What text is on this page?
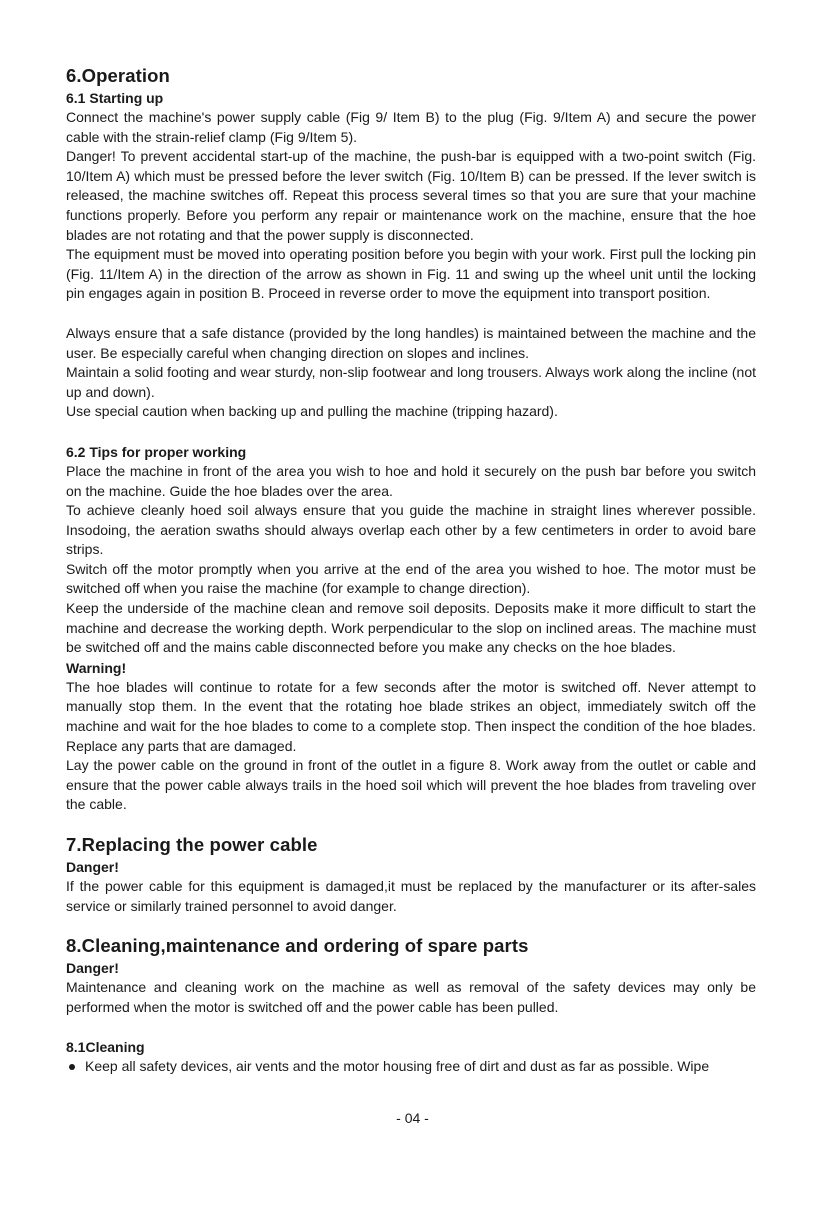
6.Operation
6.1 Starting up

Connect the machine's power supply cable (Fig 9/ Item B) to the plug (Fig. 9/Item A) and secure the power cable with the strain-relief clamp (Fig 9/Item 5).

Danger! To prevent accidental start-up of the machine, the push-bar is equipped with a two-point switch (Fig. 10/Item A) which must be pressed before the lever switch (Fig. 10/Item B) can be pressed. If the lever switch is released, the machine switches off. Repeat this process several times so that you are sure that your machine functions properly. Before you perform any repair or maintenance work on the machine, ensure that the hoe blades are not rotating and that the power supply is disconnected.

The equipment must be moved into operating position before you begin with your work. First pull the locking pin (Fig. 11/Item A) in the direction of the arrow as shown in Fig. 11 and swing up the wheel unit until the locking pin engages again in position B. Proceed in reverse order to move the equipment into transport position.

Always ensure that a safe distance (provided by the long handles) is maintained between the machine and the user. Be especially careful when changing direction on slopes and inclines.

Maintain a solid footing and wear sturdy, non-slip footwear and long trousers. Always work along the incline (not up and down).

Use special caution when backing up and pulling the machine (tripping hazard).

6.2 Tips for proper working

Place the machine in front of the area you wish to hoe and hold it securely on the push bar before you switch on the machine. Guide the hoe blades over the area.

To achieve cleanly hoed soil always ensure that you guide the machine in straight lines wherever possible. Insodoing, the aeration swaths should always overlap each other by a few centimeters in order to avoid bare strips.

Switch off the motor promptly when you arrive at the end of the area you wished to hoe. The motor must be switched off when you raise the machine (for example to change direction).

Keep the underside of the machine clean and remove soil deposits. Deposits make it more difficult to start the machine and decrease the working depth. Work perpendicular to the slop on inclined areas. The machine must be switched off and the mains cable disconnected before you make any checks on the hoe blades.

Warning!

The hoe blades will continue to rotate for a few seconds after the motor is switched off. Never attempt to manually stop them. In the event that the rotating hoe blade strikes an object, immediately switch off the machine and wait for the hoe blades to come to a complete stop. Then inspect the condition of the hoe blades. Replace any parts that are damaged.

Lay the power cable on the ground in front of the outlet in a figure 8. Work away from the outlet or cable and ensure that the power cable always trails in the hoed soil which will prevent the hoe blades from traveling over the cable.

7.Replacing the power cable
Danger!

If the power cable for this equipment is damaged,it must be replaced by the manufacturer or its after-sales service or similarly trained personnel to avoid danger.

8.Cleaning,maintenance and ordering of spare parts
Danger!

Maintenance and cleaning work on the machine as well as removal of the safety devices may only be performed when the motor is switched off and the power cable has been pulled.

8.1Cleaning
Keep all safety devices, air vents and the motor housing free of dirt and dust as far as possible. Wipe
- 04 -
